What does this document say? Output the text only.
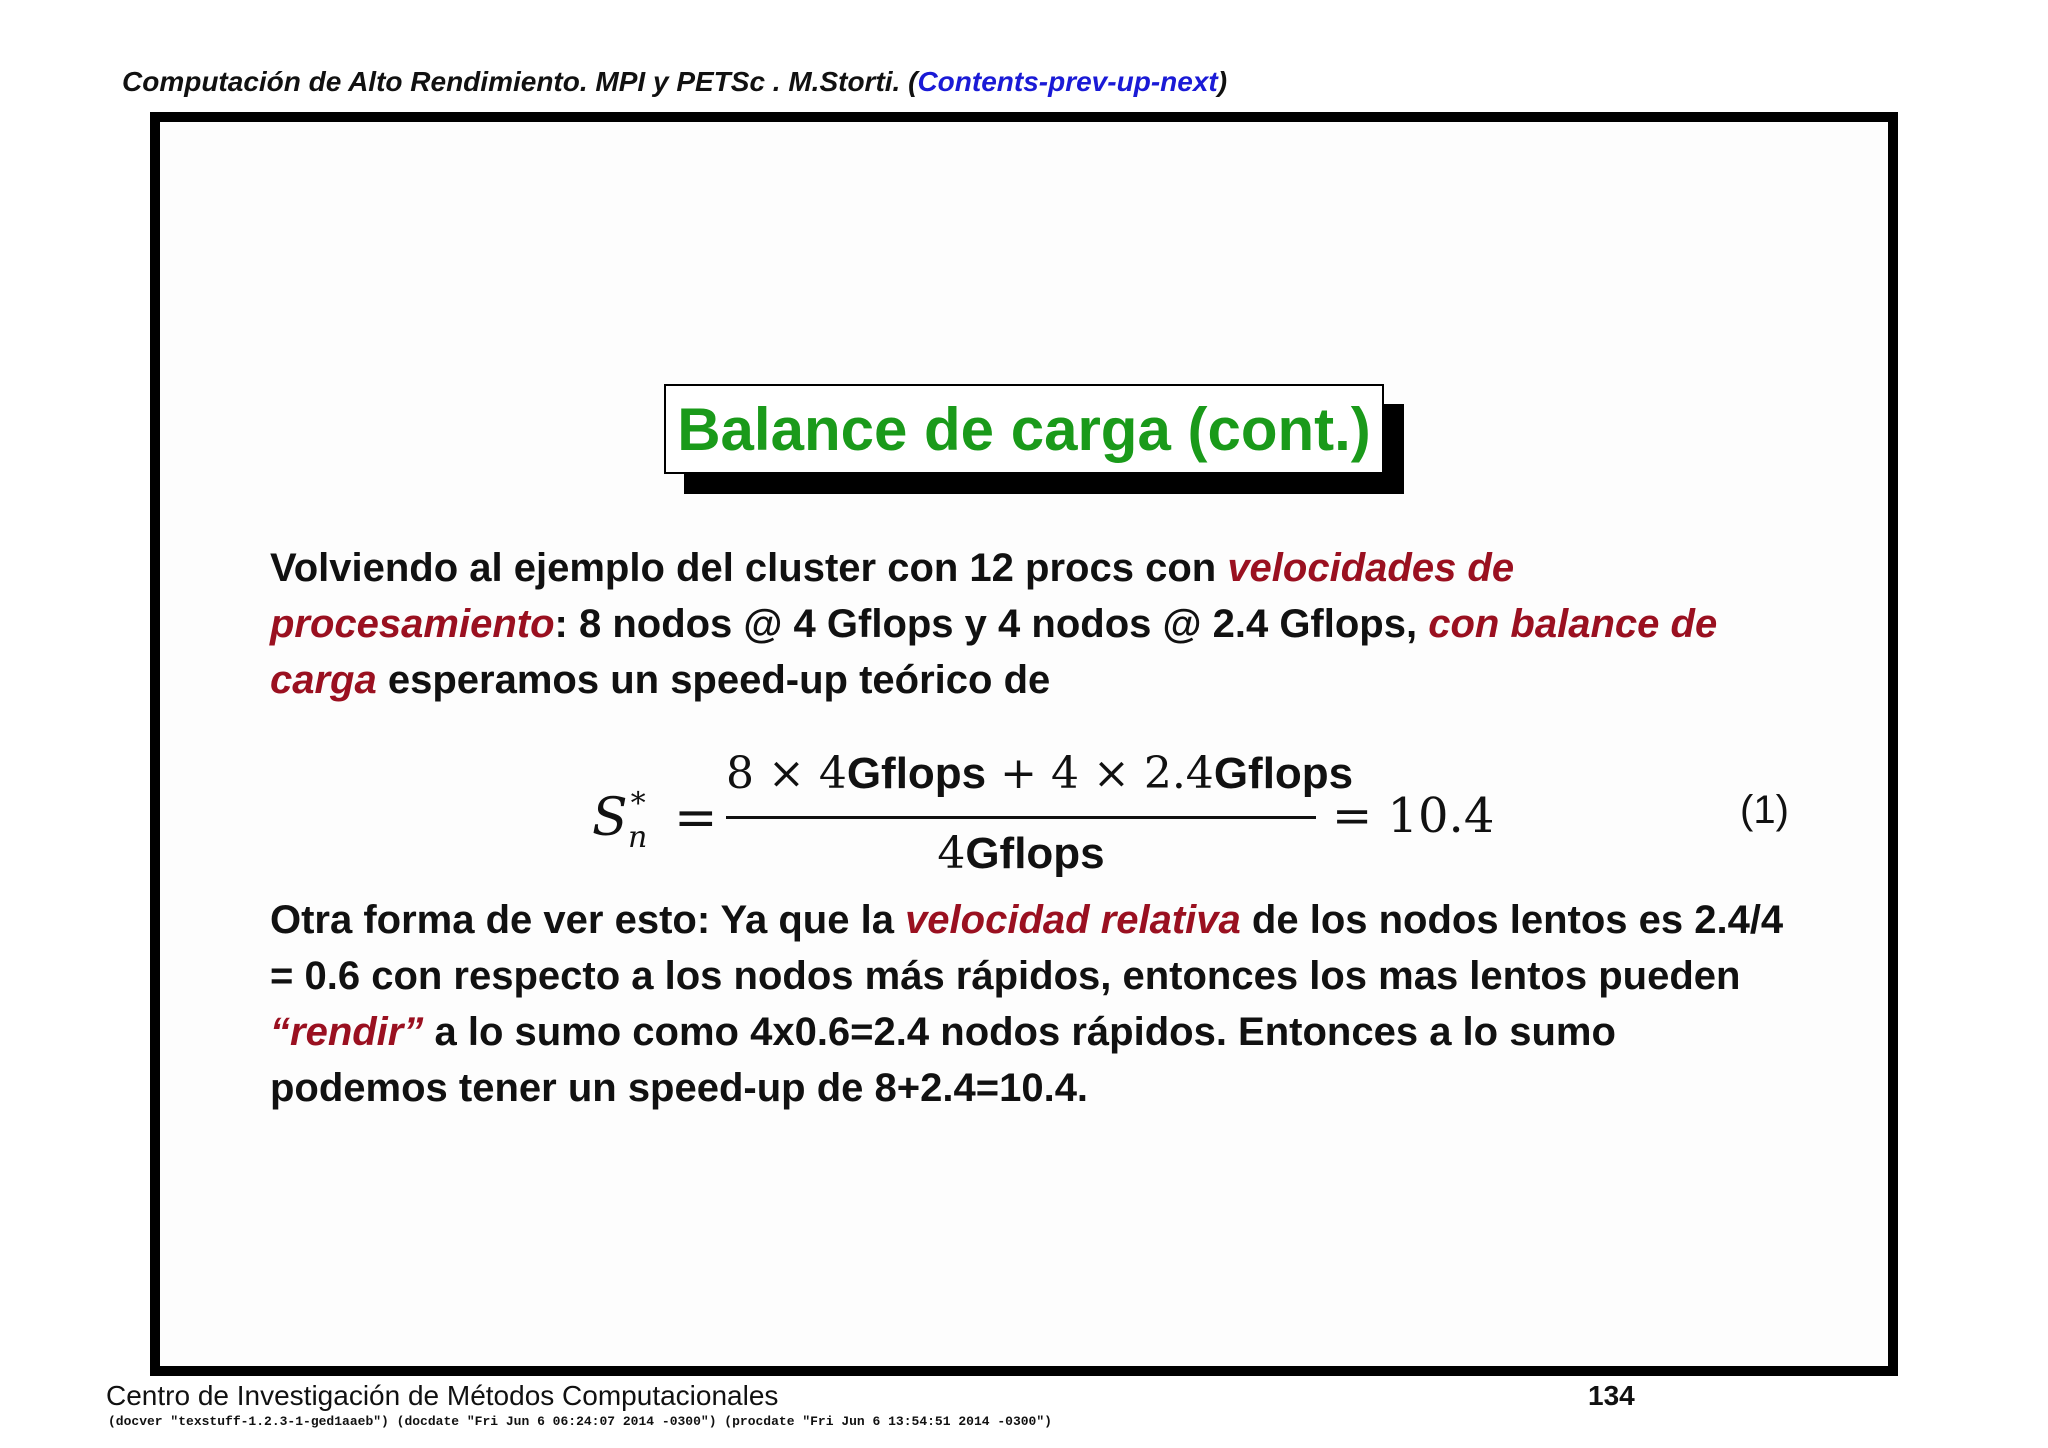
Computación de Alto Rendimiento. MPI y PETSc . M.Storti. (Contents-prev-up-next)
Balance de carga (cont.)
Volviendo al ejemplo del cluster con 12 procs con velocidades de procesamiento: 8 nodos @ 4 Gflops y 4 nodos @ 2.4 Gflops, con balance de carga esperamos un speed-up teórico de
S ∗
n =
8 × 4Gflops + 4 × 2.4Gflops
4Gflops
= 10.4	(1)
Otra forma de ver esto: Ya que la velocidad relativa de los nodos lentos es 2.4/4 = 0.6 con respecto a los nodos más rápidos, entonces los mas lentos pueden “rendir” a lo sumo como 4x0.6=2.4 nodos rápidos. Entonces a lo sumo podemos tener un speed-up de 8+2.4=10.4.
Centro de Investigación de Métodos Computacionales	134
(docver "texstuff-1.2.3-1-ged1aaeb") (docdate "Fri Jun 6 06:24:07 2014 -0300") (procdate "Fri Jun 6 13:54:51 2014 -0300")
